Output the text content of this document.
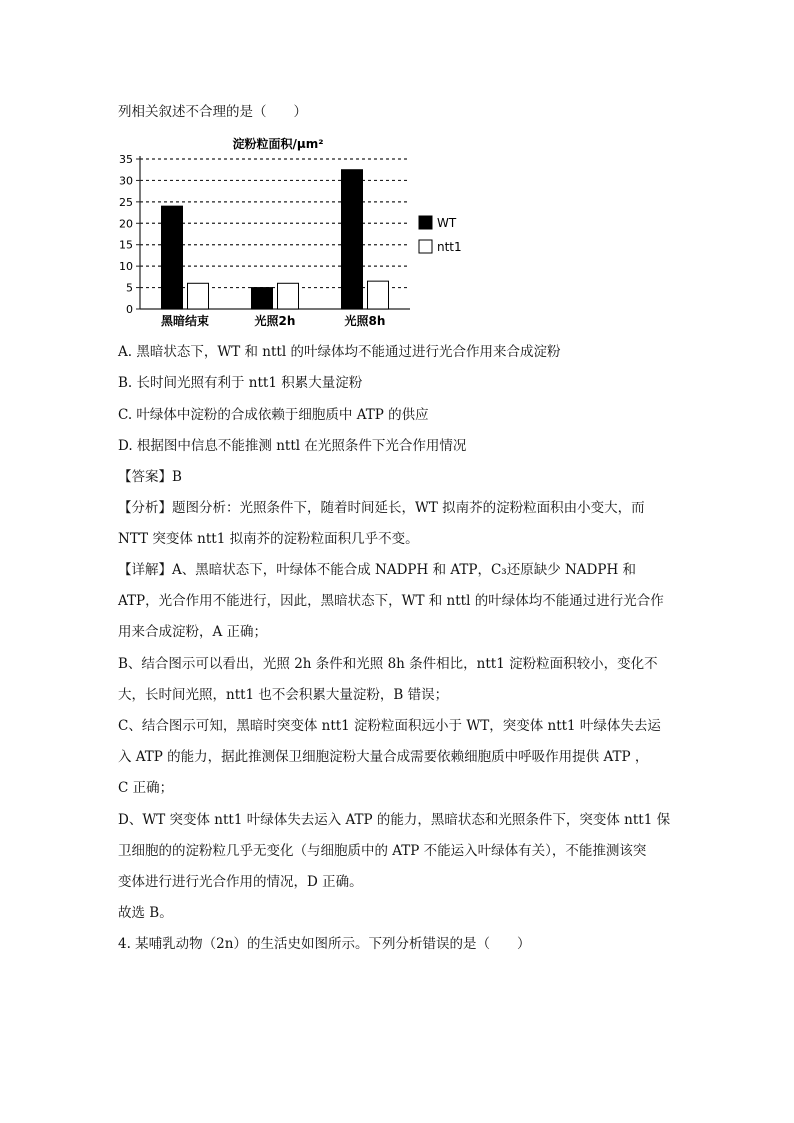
列相关叙述不合理的是（　　）
淀粉粒面积/μm²
0
5
10
15
20
25
30
35
黑暗结束	光照2h	光照8h
WT
ntt1
A. 黑暗状态下，WT 和 nttl 的叶绿体均不能通过进行光合作用来合成淀粉
B. 长时间光照有利于 ntt1 积累大量淀粉
C. 叶绿体中淀粉的合成依赖于细胞质中 ATP 的供应
D. 根据图中信息不能推测 nttl 在光照条件下光合作用情况
【答案】B
【分析】题图分析：光照条件下，随着时间延长，WT 拟南芥的淀粉粒面积由小变大，而
NTT 突变体 ntt1 拟南芥的淀粉粒面积几乎不变。
【详解】A、黑暗状态下，叶绿体不能合成 NADPH 和 ATP，C₃还原缺少 NADPH 和
ATP，光合作用不能进行，因此，黑暗状态下，WT 和 nttl 的叶绿体均不能通过进行光合作
用来合成淀粉，A 正确；
B、结合图示可以看出，光照 2h 条件和光照 8h 条件相比，ntt1 淀粉粒面积较小，变化不
大，长时间光照，ntt1 也不会积累大量淀粉，B 错误；
C、结合图示可知，黑暗时突变体 ntt1 淀粉粒面积远小于 WT，突变体 ntt1 叶绿体失去运
入 ATP 的能力，据此推测保卫细胞淀粉大量合成需要依赖细胞质中呼吸作用提供 ATP ，
C 正确；
D、WT 突变体 ntt1 叶绿体失去运入 ATP 的能力，黑暗状态和光照条件下，突变体 ntt1 保
卫细胞的的淀粉粒几乎无变化（与细胞质中的 ATP 不能运入叶绿体有关），不能推测该突
变体进行进行光合作用的情况，D 正确。
故选 B。
4. 某哺乳动物（2n）的生活史如图所示。下列分析错误的是（　　）
